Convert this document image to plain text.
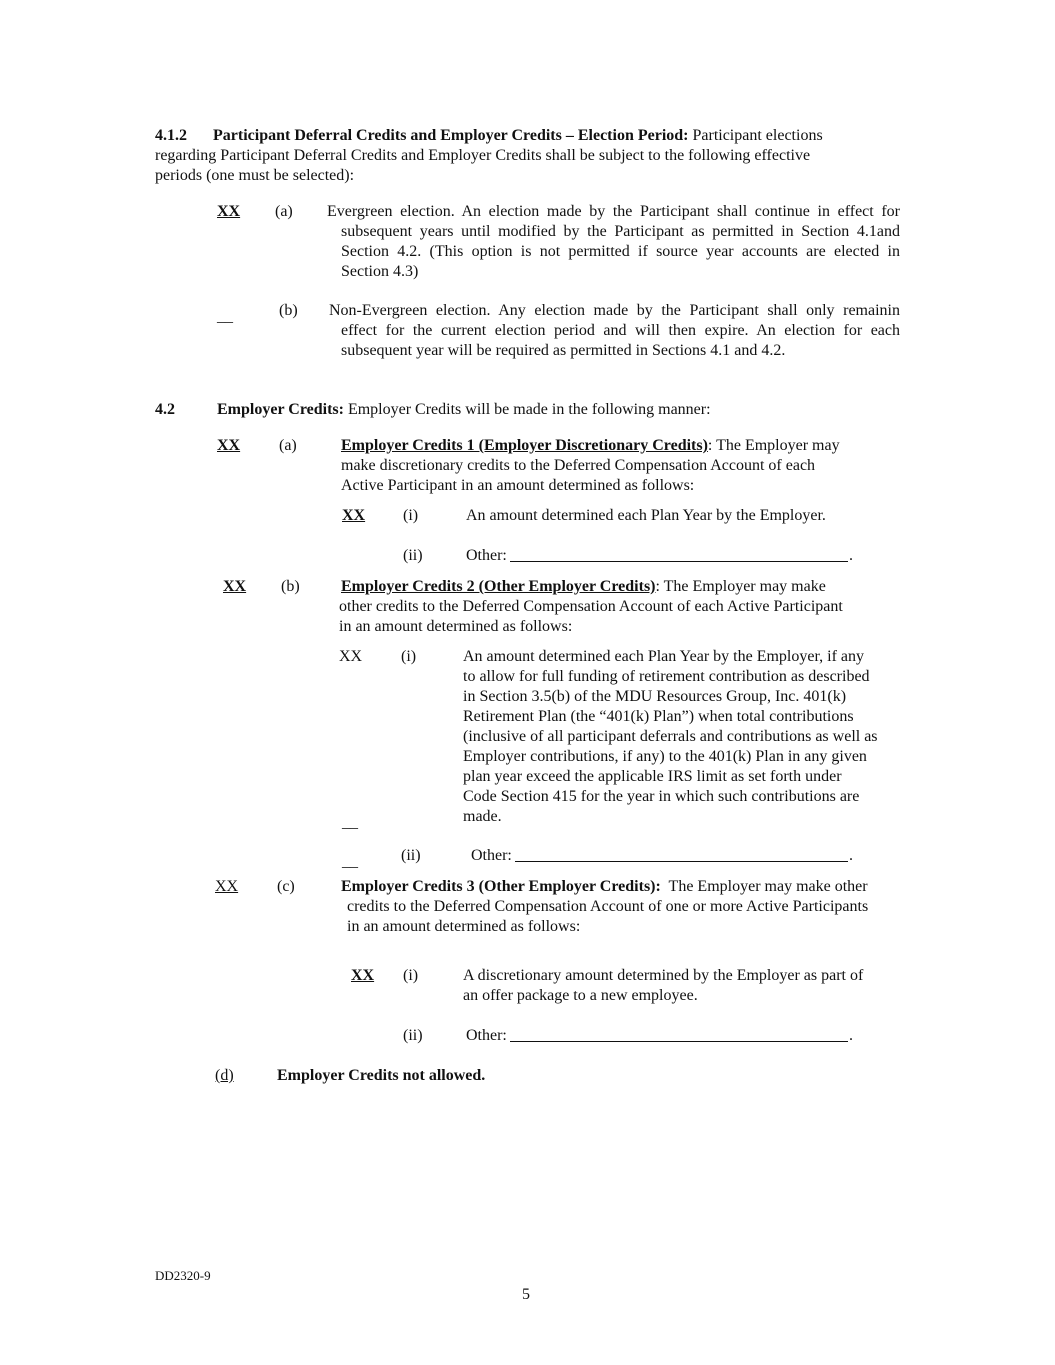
4.1.2 Participant Deferral Credits and Employer Credits – Election Period: Participant elections
regarding Participant Deferral Credits and Employer Credits shall be subject to the following effective
periods (one must be selected):
XX (a) Evergreen election. An election made by the Participant shall continue in effect for
subsequent years until modified by the Participant as permitted in Section 4.1and
Section 4.2. (This option is not permitted if source year accounts are elected in
Section 4.3)
__	(b) Non-Evergreen election. Any election made by the Participant shall only remainin
effect for the current election period and will then expire. An election for each
subsequent year will be required as permitted in Sections 4.1 and 4.2.
4.2	Employer Credits: Employer Credits will be made in the following manner:
XX (a)	Employer Credits 1 (Employer Discretionary Credits): The Employer may
make discretionary credits to the Deferred Compensation Account of each
Active Participant in an amount determined as follows:
XX (i)	An amount determined each Plan Year by the Employer.
(ii)	Other:	.
XX (b)	Employer Credits 2 (Other Employer Credits): The Employer may make
other credits to the Deferred Compensation Account of each Active Participant
in an amount determined as follows:
XX (i)	An amount determined each Plan Year by the Employer, if any
to allow for full funding of retirement contribution as described
in Section 3.5(b) of the MDU Resources Group, Inc. 401(k)
Retirement Plan (the “401(k) Plan”) when total contributions
(inclusive of all participant deferrals and contributions as well as
Employer contributions, if any) to the 401(k) Plan in any given
plan year exceed the applicable IRS limit as set forth under
Code Section 415 for the year in which such contributions are
made.
__
__	(ii)	Other:	.
XX	(c)	Employer Credits 3 (Other Employer Credits): The Employer may make other
credits to the Deferred Compensation Account of one or more Active Participants
in an amount determined as follows:
XX (i)	A discretionary amount determined by the Employer as part of
an offer package to a new employee.
(ii)	Other:	.
(d)	Employer Credits not allowed.
DD2320-9
5
